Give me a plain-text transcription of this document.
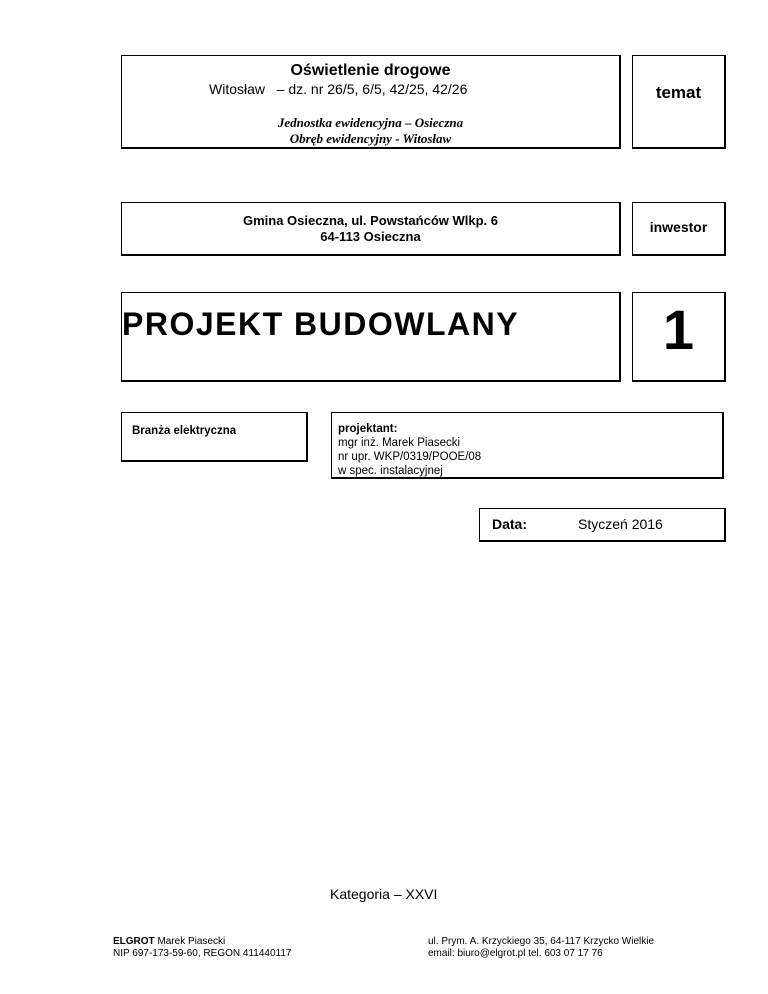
Oświetlenie drogowe
Witosław   – dz. nr 26/5, 6/5, 42/25, 42/26
Jednostka ewidencyjna – Osieczna
Obręb ewidencyjny - Witosław
temat
Gmina Osieczna, ul. Powstańców Wlkp. 6
64-113 Osieczna
inwestor
PROJEKT BUDOWLANY	1
Branża elektryczna	projektant:
mgr inż. Marek Piasecki
nr upr. WKP/0319/POOE/08
w spec. instalacyjnej
Data:	Styczeń 2016
Kategoria – XXVI
ELGROT Marek Piasecki
NIP 697-173-59-60, REGON 411440117
ul. Prym. A. Krzyckiego 35, 64-117 Krzycko Wielkie
email: biuro@elgrot.pl tel. 603 07 17 76
